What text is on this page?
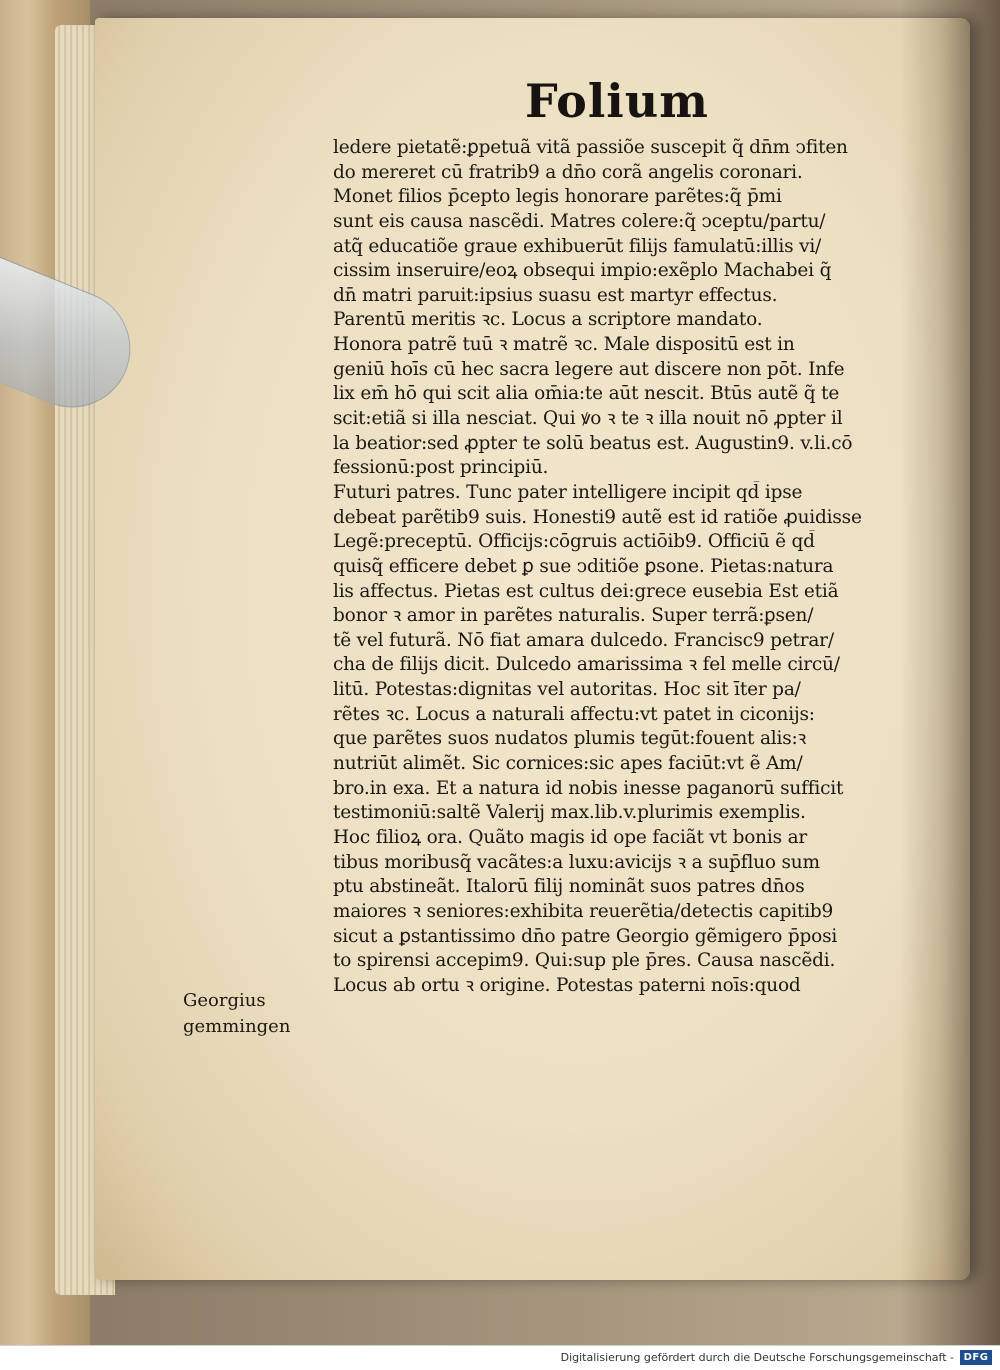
Folium
ledere pietatẽ:ꝑpetuã vitã passiõe suscepit q̃ dn̄m ↄfiten
do mereret cū fratrib9 a dn̄o corã angelis coronari.
Monet filios p̄cepto legis honorare parẽtes:q̃ p̄mi
sunt eis causa nascẽdi. Matres colere:q̃ ↄceptu/partu/
atq̃ educatiõe graue exhibuerūt filijs famulatū:illis vi/
cissim inseruire/eoꝝ obsequi impio:exẽplo Machabei q̃
dn̄ matri paruit:ipsius suasu est martyr effectus.
Parentū meritis ꝛc. Locus a scriptore mandato.
Honora patrẽ tuū ꝛ matrẽ ꝛc. Male dispositū est in
geniū hoīs cū hec sacra legere aut discere non pōt. Infe
lix em̄ hō qui scit alia om̄ia:te aūt nescit. Btūs autẽ q̃ te
scit:etiã si illa nesciat. Qui ꝟo ꝛ te ꝛ illa nouit nō ꝓpter il
la beatior:sed ꝓpter te solū beatus est. Augustin9. v.li.cō
fessionū:post principiū.
Futuri patres. Tunc pater intelligere incipit qd̄ ipse
debeat parẽtib9 suis. Honesti9 autẽ est id ratiõe ꝓuidisse
Legẽ:preceptū. Officijs:cōgruis actiōib9. Officiū ẽ qd̄
quisq̃ efficere debet ꝑ sue ↄditiõe ꝑsone. Pietas:natura
lis affectus. Pietas est cultus dei:grece eusebia Est etiã
bonor ꝛ amor in parẽtes naturalis. Super terrã:ꝑsen/
tẽ vel futurã. Nō fiat amara dulcedo. Francisc9 petrar/
cha de filijs dicit. Dulcedo amarissima ꝛ fel melle circū/
litū. Potestas:dignitas vel autoritas. Hoc sit īter pa/
rẽtes ꝛc. Locus a naturali affectu:vt patet in ciconijs:
que parẽtes suos nudatos plumis tegūt:fouent alis:ꝛ
nutriūt alimẽt. Sic cornices:sic apes faciūt:vt ẽ Am/
bro.in exa. Et a natura id nobis inesse paganorū sufficit
testimoniū:saltẽ Valerij max.lib.v.plurimis exemplis.
Hoc filioꝝ ora. Quãto magis id ope faciãt vt bonis ar
tibus moribusq̃ vacãtes:a luxu:avicijs ꝛ a sup̄fluo sum
ptu abstineãt. Italorū filij nominãt suos patres dn̄os
maiores ꝛ seniores:exhibita reuerẽtia/detectis capitib9
sicut a ꝑstantissimo dn̄o patre Georgio gẽmigero p̄posi
to spirensi accepim9. Qui:sup ple p̄res. Causa nascẽdi.
Locus ab ortu ꝛ origine. Potestas paterni noīs:quod
Georgius
gemmingen
Digitalisierung gefördert durch die Deutsche Forschungsgemeinschaft - DFG
